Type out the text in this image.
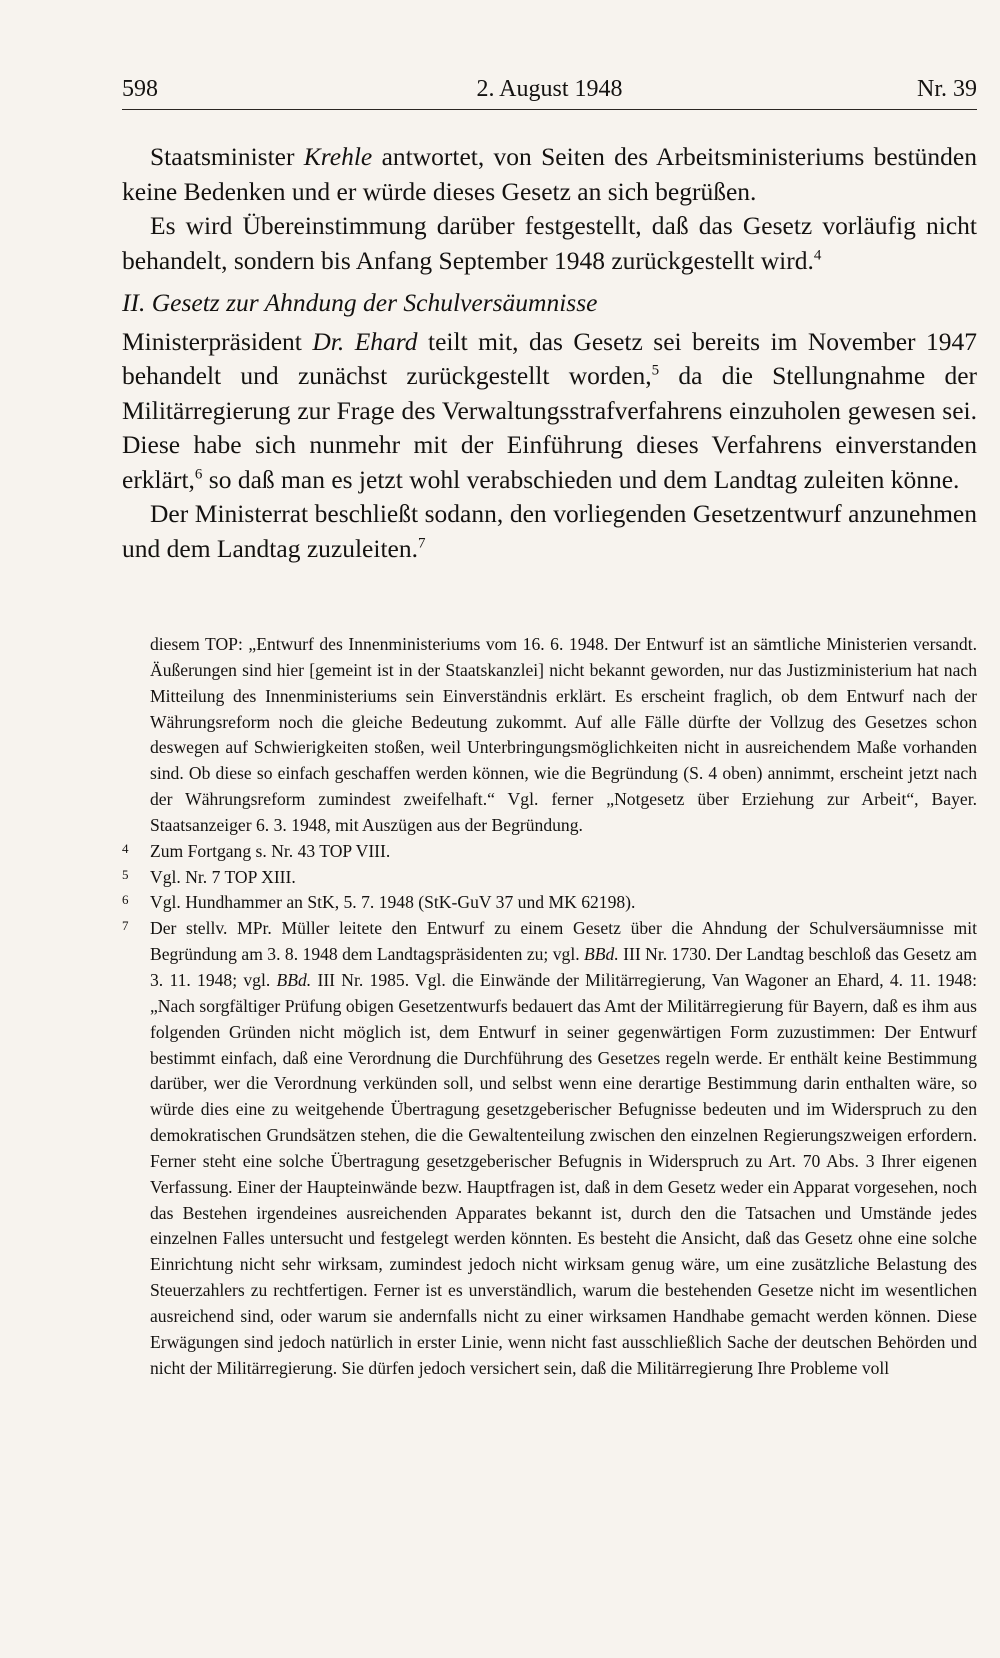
598	2. August 1948	Nr. 39

Staatsminister Krehle antwortet, von Seiten des Arbeitsministeriums bestünden keine Bedenken und er würde dieses Gesetz an sich begrüßen.

Es wird Übereinstimmung darüber festgestellt, daß das Gesetz vorläufig nicht behandelt, sondern bis Anfang September 1948 zurückgestellt wird.$^4$

II. Gesetz zur Ahndung der Schulversäumnisse

Ministerpräsident Dr. Ehard teilt mit, das Gesetz sei bereits im November 1947 behandelt und zunächst zurückgestellt worden,$^5$ da die Stellungnahme der Militärregierung zur Frage des Verwaltungsstrafverfahrens einzuholen gewesen sei. Diese habe sich nunmehr mit der Einführung dieses Verfahrens einverstanden erklärt,$^6$ so daß man es jetzt wohl verabschieden und dem Landtag zuleiten könne.

Der Ministerrat beschließt sodann, den vorliegenden Gesetzentwurf anzunehmen und dem Landtag zuzuleiten.$^7$

diesem TOP: „Entwurf des Innenministeriums vom 16. 6. 1948. Der Entwurf ist an sämtliche Ministerien versandt. Äußerungen sind hier [gemeint ist in der Staatskanzlei] nicht bekannt geworden, nur das Justizministerium hat nach Mitteilung des Innenministeriums sein Einverständnis erklärt. Es erscheint fraglich, ob dem Entwurf nach der Währungsreform noch die gleiche Bedeutung zukommt. Auf alle Fälle dürfte der Vollzug des Gesetzes schon deswegen auf Schwierigkeiten stoßen, weil Unterbringungsmöglichkeiten nicht in ausreichendem Maße vorhanden sind. Ob diese so einfach geschaffen werden können, wie die Begründung (S. 4 oben) annimmt, erscheint jetzt nach der Währungsreform zumindest zweifelhaft.“ Vgl. ferner „Notgesetz über Erziehung zur Arbeit“, Bayer. Staatsanzeiger 6. 3. 1948, mit Auszügen aus der Begründung.

4 Zum Fortgang s. Nr. 43 TOP VIII.

5 Vgl. Nr. 7 TOP XIII.

6 Vgl. Hundhammer an StK, 5. 7. 1948 (StK-GuV 37 und MK 62198).

7 Der stellv. MPr. Müller leitete den Entwurf zu einem Gesetz über die Ahndung der Schulversäumnisse mit Begründung am 3. 8. 1948 dem Landtagspräsidenten zu; vgl. BBd. III Nr. 1730. Der Landtag beschloß das Gesetz am 3. 11. 1948; vgl. BBd. III Nr. 1985. Vgl. die Einwände der Militärregierung, Van Wagoner an Ehard, 4. 11. 1948: „Nach sorgfältiger Prüfung obigen Gesetzentwurfs bedauert das Amt der Militärregierung für Bayern, daß es ihm aus folgenden Gründen nicht möglich ist, dem Entwurf in seiner gegenwärtigen Form zuzustimmen: Der Entwurf bestimmt einfach, daß eine Verordnung die Durchführung des Gesetzes regeln werde. Er enthält keine Bestimmung darüber, wer die Verordnung verkünden soll, und selbst wenn eine derartige Bestimmung darin enthalten wäre, so würde dies eine zu weitgehende Übertragung gesetzgeberischer Befugnisse bedeuten und im Widerspruch zu den demokratischen Grundsätzen stehen, die die Gewaltenteilung zwischen den einzelnen Regierungszweigen erfordern. Ferner steht eine solche Übertragung gesetzgeberischer Befugnis in Widerspruch zu Art. 70 Abs. 3 Ihrer eigenen Verfassung. Einer der Haupteinwände bezw. Hauptfragen ist, daß in dem Gesetz weder ein Apparat vorgesehen, noch das Bestehen irgendeines ausreichenden Apparates bekannt ist, durch den die Tatsachen und Umstände jedes einzelnen Falles untersucht und festgelegt werden könnten. Es besteht die Ansicht, daß das Gesetz ohne eine solche Einrichtung nicht sehr wirksam, zumindest jedoch nicht wirksam genug wäre, um eine zusätzliche Belastung des Steuerzahlers zu rechtfertigen. Ferner ist es unverständlich, warum die bestehenden Gesetze nicht im wesentlichen ausreichend sind, oder warum sie andernfalls nicht zu einer wirksamen Handhabe gemacht werden können. Diese Erwägungen sind jedoch natürlich in erster Linie, wenn nicht fast ausschließlich Sache der deutschen Behörden und nicht der Militärregierung. Sie dürfen jedoch versichert sein, daß die Militärregierung Ihre Probleme voll
